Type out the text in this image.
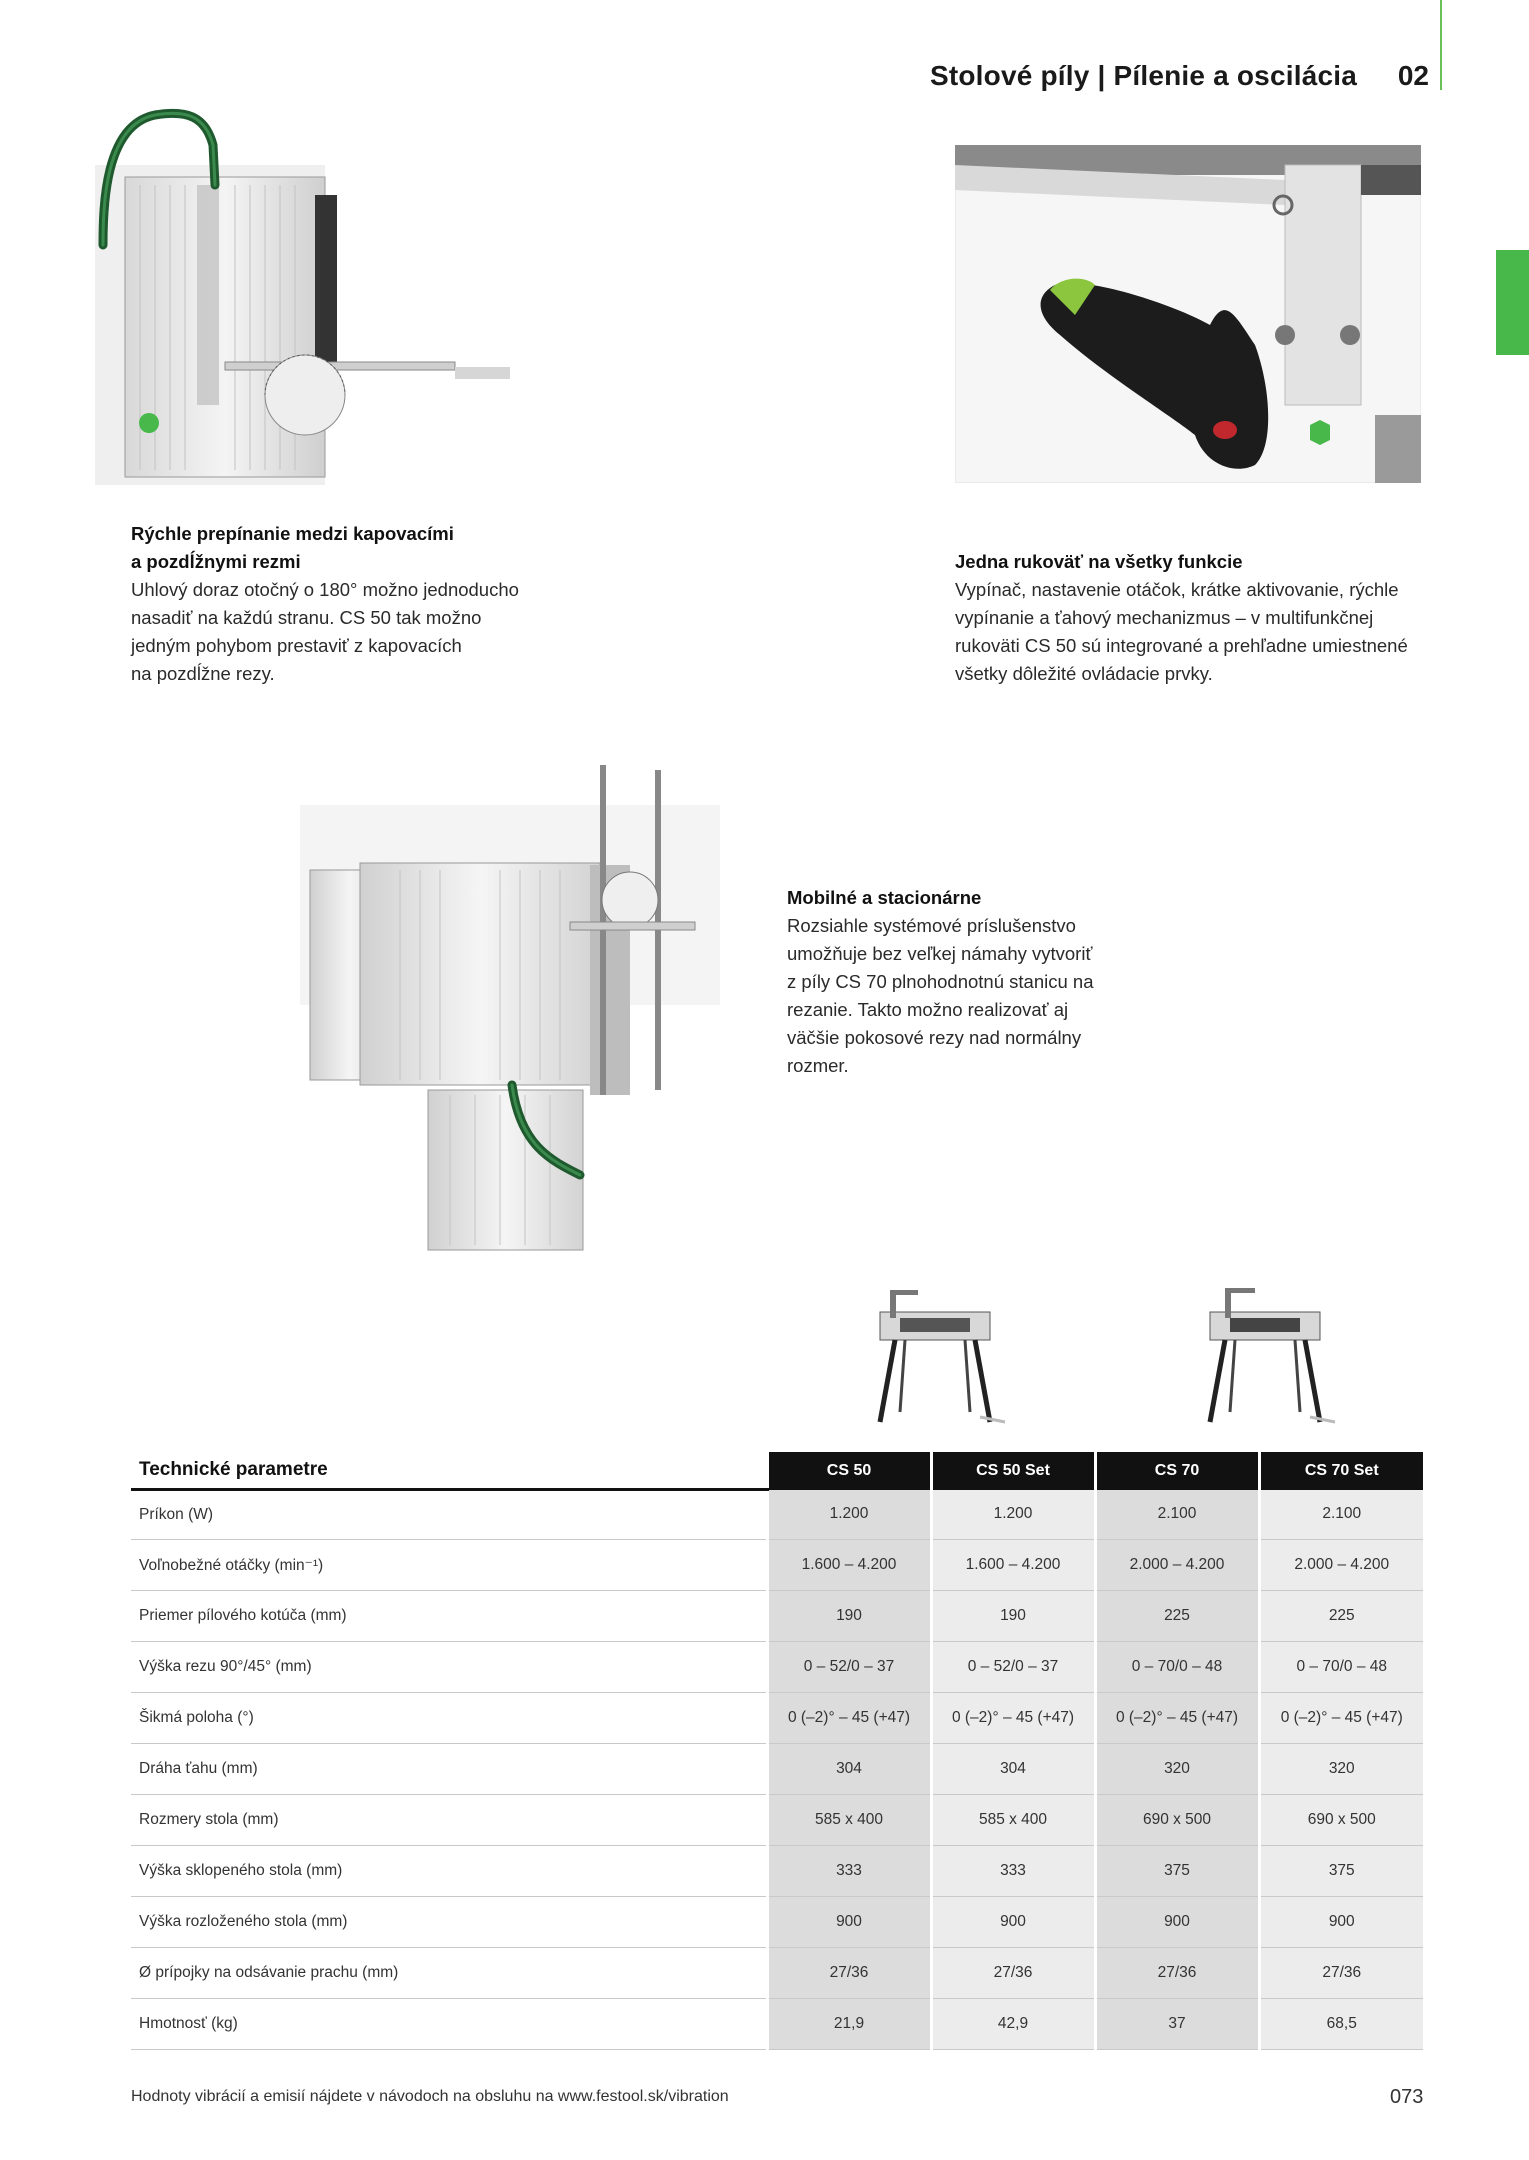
Stolové píly | Pílenie a oscilácia 02
Rýchle prepínanie medzi kapovacími
a pozdĺžnymi rezmi
Uhlový doraz otočný o 180° možno jednoducho
nasadiť na každú stranu. CS 50 tak možno
jedným pohybom prestaviť z kapovacích
na pozdĺžne rezy.
Jedna rukoväť na všetky funkcie
Vypínač, nastavenie otáčok, krátke aktivovanie, rýchle
vypínanie a ťahový mechanizmus – v multifunkčnej
rukoväti CS 50 sú integrované a prehľadne umiestnené
všetky dôležité ovládacie prvky.
Mobilné a stacionárne
Rozsiahle systémové príslušenstvo
umožňuje bez veľkej námahy vytvoriť
z píly CS 70 plnohodnotnú stanicu na
rezanie. Takto možno realizovať aj
väčšie pokosové rezy nad normálny
rozmer.
Technické parametre	CS 50	CS 50 Set	CS 70	CS 70 Set
Príkon (W)	1.200	1.200	2.100	2.100
Voľnobežné otáčky (min⁻¹)	1.600 – 4.200	1.600 – 4.200	2.000 – 4.200	2.000 – 4.200
Priemer pílového kotúča (mm)	190	190	225	225
Výška rezu 90°/45° (mm)	0 – 52/0 – 37	0 – 52/0 – 37	0 – 70/0 – 48	0 – 70/0 – 48
Šikmá poloha (°)	0 (–2)° – 45 (+47)	0 (–2)° – 45 (+47)	0 (–2)° – 45 (+47)	0 (–2)° – 45 (+47)
Dráha ťahu (mm)	304	304	320	320
Rozmery stola (mm)	585 x 400	585 x 400	690 x 500	690 x 500
Výška sklopeného stola (mm)	333	333	375	375
Výška rozloženého stola (mm)	900	900	900	900
Ø prípojky na odsávanie prachu (mm)	27/36	27/36	27/36	27/36
Hmotnosť (kg)	21,9	42,9	37	68,5
Hodnoty vibrácií a emisií nájdete v návodoch na obsluhu na www.festool.sk/vibration	073
